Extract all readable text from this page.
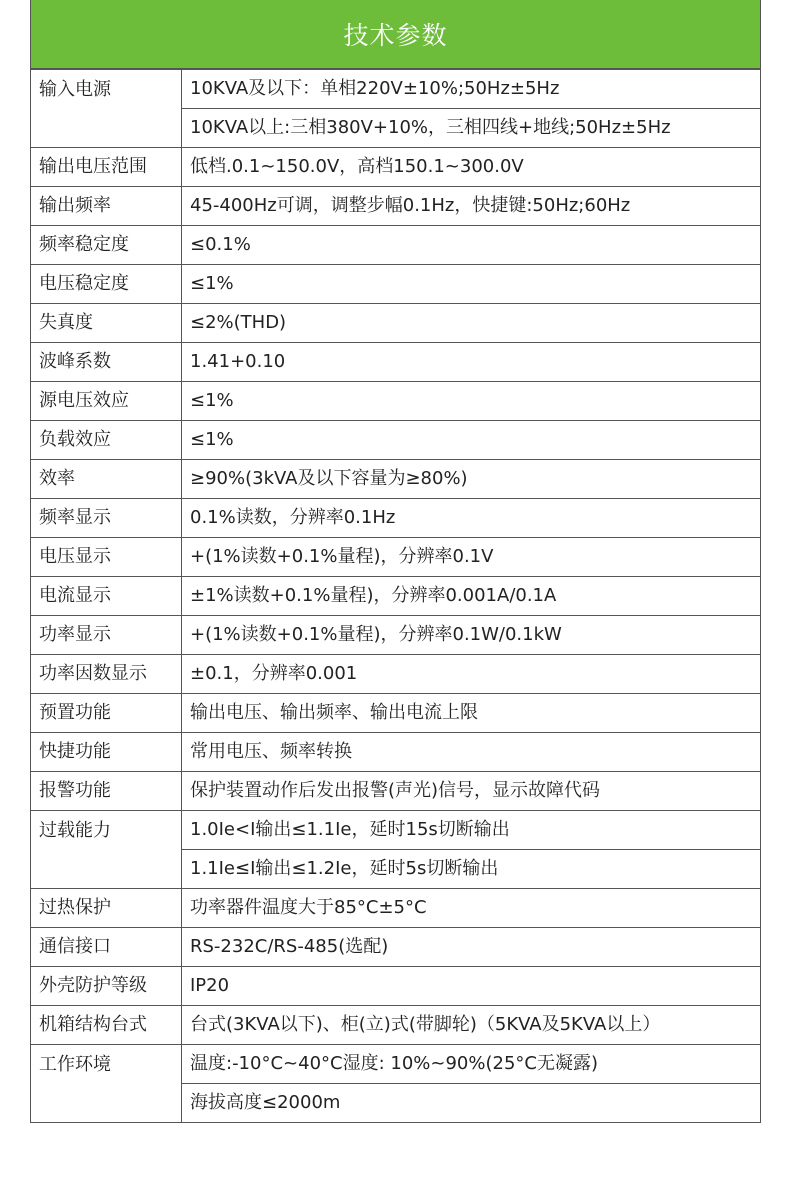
技术参数
输入电源	10KVA及以下：单相220V±10%;50Hz±5Hz
	10KVA以上:三相380V+10%，三相四线+地线;50Hz±5Hz
输出电压范围	低档.0.1~150.0V，高档150.1~300.0V
输出频率	45-400Hz可调，调整步幅0.1Hz，快捷键:50Hz;60Hz
频率稳定度	≤0.1%
电压稳定度	≤1%
失真度	≤2%(THD)
波峰系数	1.41+0.10
源电压效应	≤1%
负载效应	≤1%
效率	≥90%(3kVA及以下容量为≥80%)
频率显示	0.1%读数，分辨率0.1Hz
电压显示	+(1%读数+0.1%量程)，分辨率0.1V
电流显示	±1%读数+0.1%量程)，分辨率0.001A/0.1A
功率显示	+(1%读数+0.1%量程)，分辨率0.1W/0.1kW
功率因数显示	±0.1，分辨率0.001
预置功能	输出电压、输出频率、输出电流上限
快捷功能	常用电压、频率转换
报警功能	保护装置动作后发出报警(声光)信号，显示故障代码
过载能力	1.0Ie<I输出≤1.1Ie，延时15s切断输出
	1.1Ie≤I输出≤1.2Ie，延时5s切断输出
过热保护	功率器件温度大于85°C±5°C
通信接口	RS-232C/RS-485(选配)
外壳防护等级	IP20
机箱结构台式	台式(3KVA以下)、柜(立)式(带脚轮)（5KVA及5KVA以上）
工作环境	温度:-10°C~40°C湿度: 10%~90%(25°C无凝露)
	海拔高度≤2000m
